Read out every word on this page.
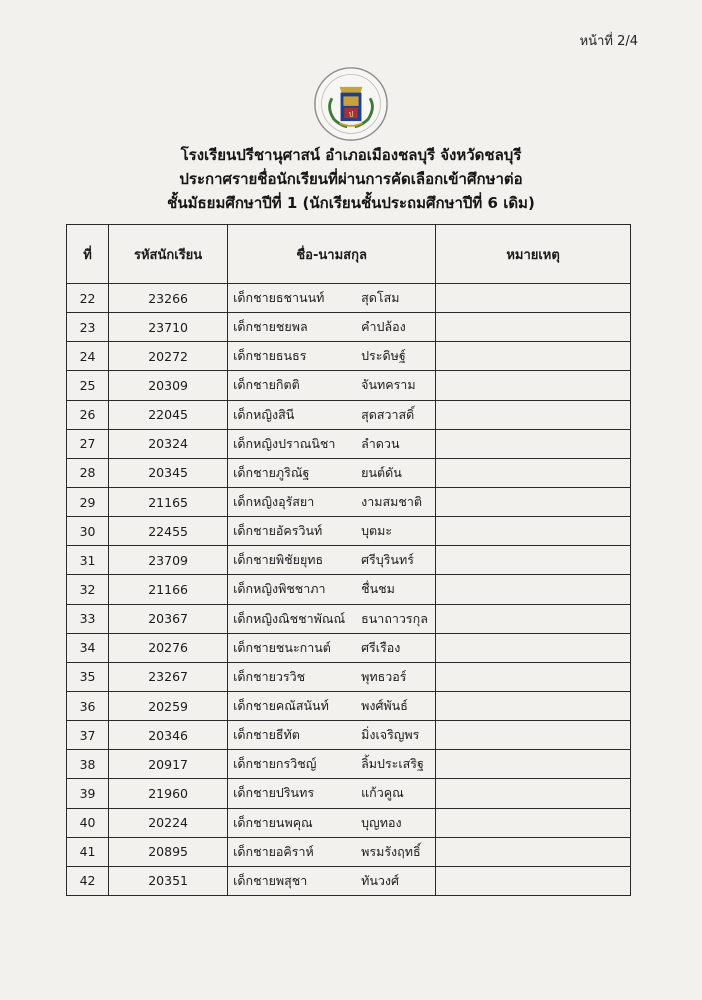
หน้าที่ 2/4
ป
โรงเรียนปรีชานุศาสน์ อำเภอเมืองชลบุรี จังหวัดชลบุรี
ประกาศรายชื่อนักเรียนที่ผ่านการคัดเลือกเข้าศึกษาต่อ
ชั้นมัธยมศึกษาปีที่ 1 (นักเรียนชั้นประถมศึกษาปีที่ 6 เดิม)
ที่	รหัสนักเรียน	ชื่อ-นามสกุล	หมายเหตุ
22	23266	เด็กชายธชานนท์ สุดโสม	

23	23710	เด็กชายชยพล คำปล้อง	

24	20272	เด็กชายธนธร ประดิษฐ์	

25	20309	เด็กชายกิตติ จันทคราม	

26	22045	เด็กหญิงสินี สุดสวาสดิ์	

27	20324	เด็กหญิงปราณนิชา ลำดวน	

28	20345	เด็กชายภูริณัฐ ยนต์ดัน	

29	21165	เด็กหญิงอุรัสยา งามสมชาติ	

30	22455	เด็กชายอัครวินท์ บุตมะ	

31	23709	เด็กชายพิชัยยุทธ ศรีบุรินทร์	

32	21166	เด็กหญิงพิชชาภา ชื่นชม	

33	20367	เด็กหญิงณิชชาพัณณ์ ธนาถาวรกุล	

34	20276	เด็กชายชนะกานต์ ศรีเรือง	

35	23267	เด็กชายวรวิช พุทธวอร์	

36	20259	เด็กชายคณัสนันท์ พงศ์พันธ์	

37	20346	เด็กชายธีทัต มิ่งเจริญพร	

38	20917	เด็กชายกรวิชญ์ ลิ้มประเสริฐ	

39	21960	เด็กชายปรินทร แก้วคูณ	

40	20224	เด็กชายนพคุณ บุญทอง	

41	20895	เด็กชายอคิราห์ พรมรังฤทธิ์	

42	20351	เด็กชายพสุชา ทันวงศ์	
